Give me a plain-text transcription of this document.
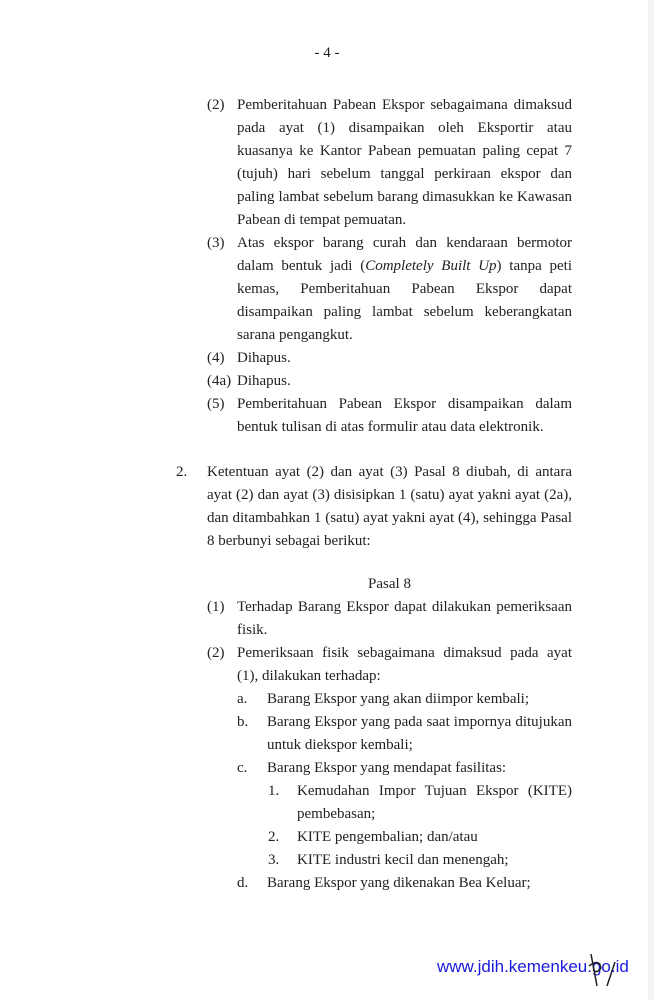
- 4 -
(2) Pemberitahuan Pabean Ekspor sebagaimana dimaksud pada ayat (1) disampaikan oleh Eksportir atau kuasanya ke Kantor Pabean pemuatan paling cepat 7 (tujuh) hari sebelum tanggal perkiraan ekspor dan paling lambat sebelum barang dimasukkan ke Kawasan Pabean di tempat pemuatan.
(3) Atas ekspor barang curah dan kendaraan bermotor dalam bentuk jadi (Completely Built Up) tanpa peti kemas, Pemberitahuan Pabean Ekspor dapat disampaikan paling lambat sebelum keberangkatan sarana pengangkut.
(4) Dihapus.
(4a) Dihapus.
(5) Pemberitahuan Pabean Ekspor disampaikan dalam bentuk tulisan di atas formulir atau data elektronik.
2. Ketentuan ayat (2) dan ayat (3) Pasal 8 diubah, di antara ayat (2) dan ayat (3) disisipkan 1 (satu) ayat yakni ayat (2a), dan ditambahkan 1 (satu) ayat yakni ayat (4), sehingga Pasal 8 berbunyi sebagai berikut:
Pasal 8
(1) Terhadap Barang Ekspor dapat dilakukan pemeriksaan fisik.
(2) Pemeriksaan fisik sebagaimana dimaksud pada ayat (1), dilakukan terhadap:
a. Barang Ekspor yang akan diimpor kembali;
b. Barang Ekspor yang pada saat impornya ditujukan untuk diekspor kembali;
c. Barang Ekspor yang mendapat fasilitas:
1. Kemudahan Impor Tujuan Ekspor (KITE) pembebasan;
2. KITE pengembalian; dan/atau
3. KITE industri kecil dan menengah;
d. Barang Ekspor yang dikenakan Bea Keluar;
www.jdih.kemenkeu.go.id
